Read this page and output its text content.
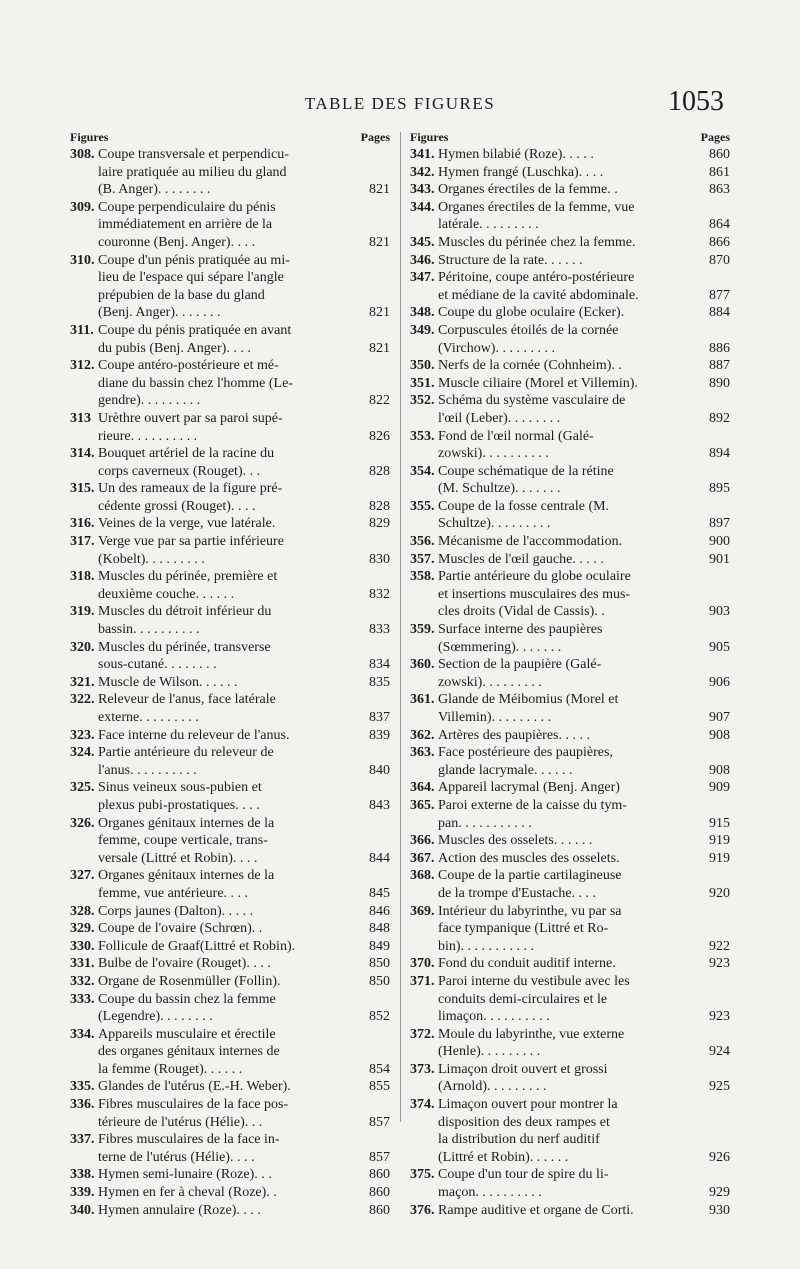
TABLE DES FIGURES	1053
Figures	Pages
308. Coupe transversale et perpendicu-
laire pratiquée au milieu du gland
(B. Anger). . . . . . . .	821
309. Coupe perpendiculaire du pénis
immédiatement en arrière de la
couronne (Benj. Anger). . . .	821
310. Coupe d'un pénis pratiquée au mi-
lieu de l'espace qui sépare l'angle
prépubien de la base du gland
(Benj. Anger). . . . . . .	821
311. Coupe du pénis pratiquée en avant
du pubis (Benj. Anger). . . .	821
312. Coupe antéro-postérieure et mé-
diane du bassin chez l'homme (Le-
gendre). . . . . . . . .	822
313 Urèthre ouvert par sa paroi supé-
rieure. . . . . . . . . .	826
314. Bouquet artériel de la racine du
corps caverneux (Rouget). . .	828
315. Un des rameaux de la figure pré-
cédente grossi (Rouget). . . .	828
316. Veines de la verge, vue latérale.	829
317. Verge vue par sa partie inférieure
(Kobelt). . . . . . . . .	830
318. Muscles du périnée, première et
deuxième couche. . . . . .	832
319. Muscles du détroit inférieur du
bassin. . . . . . . . . .	833
320. Muscles du périnée, transverse
sous-cutané. . . . . . . .	834
321. Muscle de Wilson. . . . . .	835
322. Releveur de l'anus, face latérale
externe. . . . . . . . .	837
323. Face interne du releveur de l'anus.	839
324. Partie antérieure du releveur de
l'anus. . . . . . . . . .	840
325. Sinus veineux sous-pubien et
plexus pubi-prostatiques. . . .	843
326. Organes génitaux internes de la
femme, coupe verticale, trans-
versale (Littré et Robin). . . .	844
327. Organes génitaux internes de la
femme, vue antérieure. . . .	845
328. Corps jaunes (Dalton). . . . .	846
329. Coupe de l'ovaire (Schrœn). .	848
330. Follicule de Graaf(Littré et Robin).	849
331. Bulbe de l'ovaire (Rouget). . . .	850
332. Organe de Rosenmüller (Follin).	850
333. Coupe du bassin chez la femme
(Legendre). . . . . . . .	852
334. Appareils musculaire et érectile
des organes génitaux internes de
la femme (Rouget). . . . . .	854
335. Glandes de l'utérus (E.-H. Weber).	855
336. Fibres musculaires de la face pos-
térieure de l'utérus (Hélie). . .	857
337. Fibres musculaires de la face in-
terne de l'utérus (Hélie). . . .	857
338. Hymen semi-lunaire (Roze). . .	860
339. Hymen en fer à cheval (Roze). .	860
340. Hymen annulaire (Roze). . . .	860
Figures	Pages
341. Hymen bilabié (Roze). . . . .	860
342. Hymen frangé (Luschka). . . .	861
343. Organes érectiles de la femme. .	863
344. Organes érectiles de la femme, vue
latérale. . . . . . . . .	864
345. Muscles du périnée chez la femme.	866
346. Structure de la rate. . . . . .	870
347. Péritoine, coupe antéro-postérieure
et médiane de la cavité abdominale.	877
348. Coupe du globe oculaire (Ecker).	884
349. Corpuscules étoilés de la cornée
(Virchow). . . . . . . . .	886
350. Nerfs de la cornée (Cohnheim). .	887
351. Muscle ciliaire (Morel et Villemin).	890
352. Schéma du système vasculaire de
l'œil (Leber). . . . . . . .	892
353. Fond de l'œil normal (Galé-
zowski). . . . . . . . . .	894
354. Coupe schématique de la rétine
(M. Schultze). . . . . . .	895
355. Coupe de la fosse centrale (M.
Schultze). . . . . . . . .	897
356. Mécanisme de l'accommodation.	900
357. Muscles de l'œil gauche. . . . .	901
358. Partie antérieure du globe oculaire
et insertions musculaires des mus-
cles droits (Vidal de Cassis). .	903
359. Surface interne des paupières
(Sœmmering). . . . . . .	905
360. Section de la paupière (Galé-
zowski). . . . . . . . .	906
361. Glande de Méibomius (Morel et
Villemin). . . . . . . . .	907
362. Artères des paupières. . . . .	908
363. Face postérieure des paupières,
glande lacrymale. . . . . .	908
364. Appareil lacrymal (Benj. Anger)	909
365. Paroi externe de la caisse du tym-
pan. . . . . . . . . . .	915
366. Muscles des osselets. . . . . .	919
367. Action des muscles des osselets.	919
368. Coupe de la partie cartilagineuse
de la trompe d'Eustache. . . .	920
369. Intérieur du labyrinthe, vu par sa
face tympanique (Littré et Ro-
bin). . . . . . . . . . .	922
370. Fond du conduit auditif interne.	923
371. Paroi interne du vestibule avec les
conduits demi-circulaires et le
limaçon. . . . . . . . . .	923
372. Moule du labyrinthe, vue externe
(Henle). . . . . . . . .	924
373. Limaçon droit ouvert et grossi
(Arnold). . . . . . . . .	925
374. Limaçon ouvert pour montrer la
disposition des deux rampes et
la distribution du nerf auditif
(Littré et Robin). . . . . .	926
375. Coupe d'un tour de spire du li-
maçon. . . . . . . . . .	929
376. Rampe auditive et organe de Corti.	930
